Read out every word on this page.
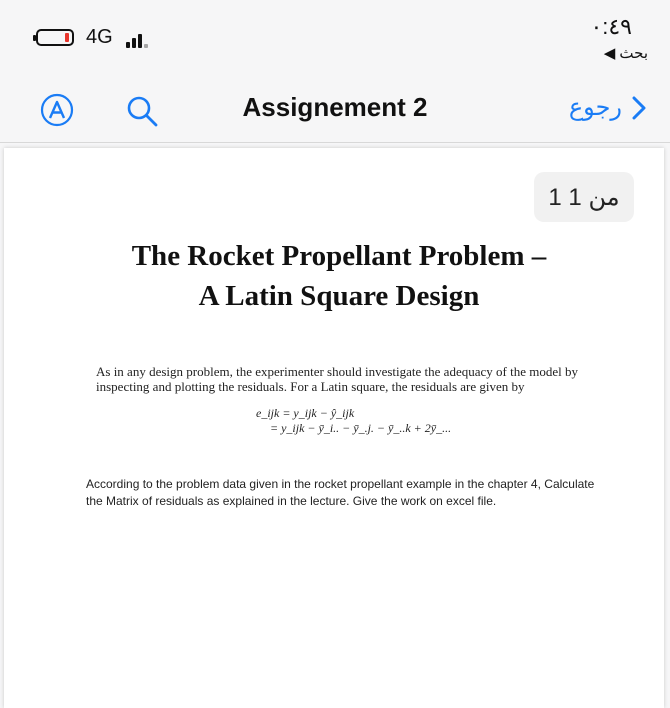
4G	٠:٤٩
◀ بحث
Assignement 2	رجوع
1 من 1
The Rocket Propellant Problem –
A Latin Square Design
As in any design problem, the experimenter should investigate the adequacy of the model by inspecting and plotting the residuals. For a Latin square, the residuals are given by
e_ijk = y_ijk − ŷ_ijk
= y_ijk − ȳ_i.. − ȳ_.j. − ȳ_..k + 2ȳ_...
According to the problem data given in the rocket propellant example in the chapter 4, Calculate the Matrix of residuals as explained in the lecture. Give the work on excel file.
